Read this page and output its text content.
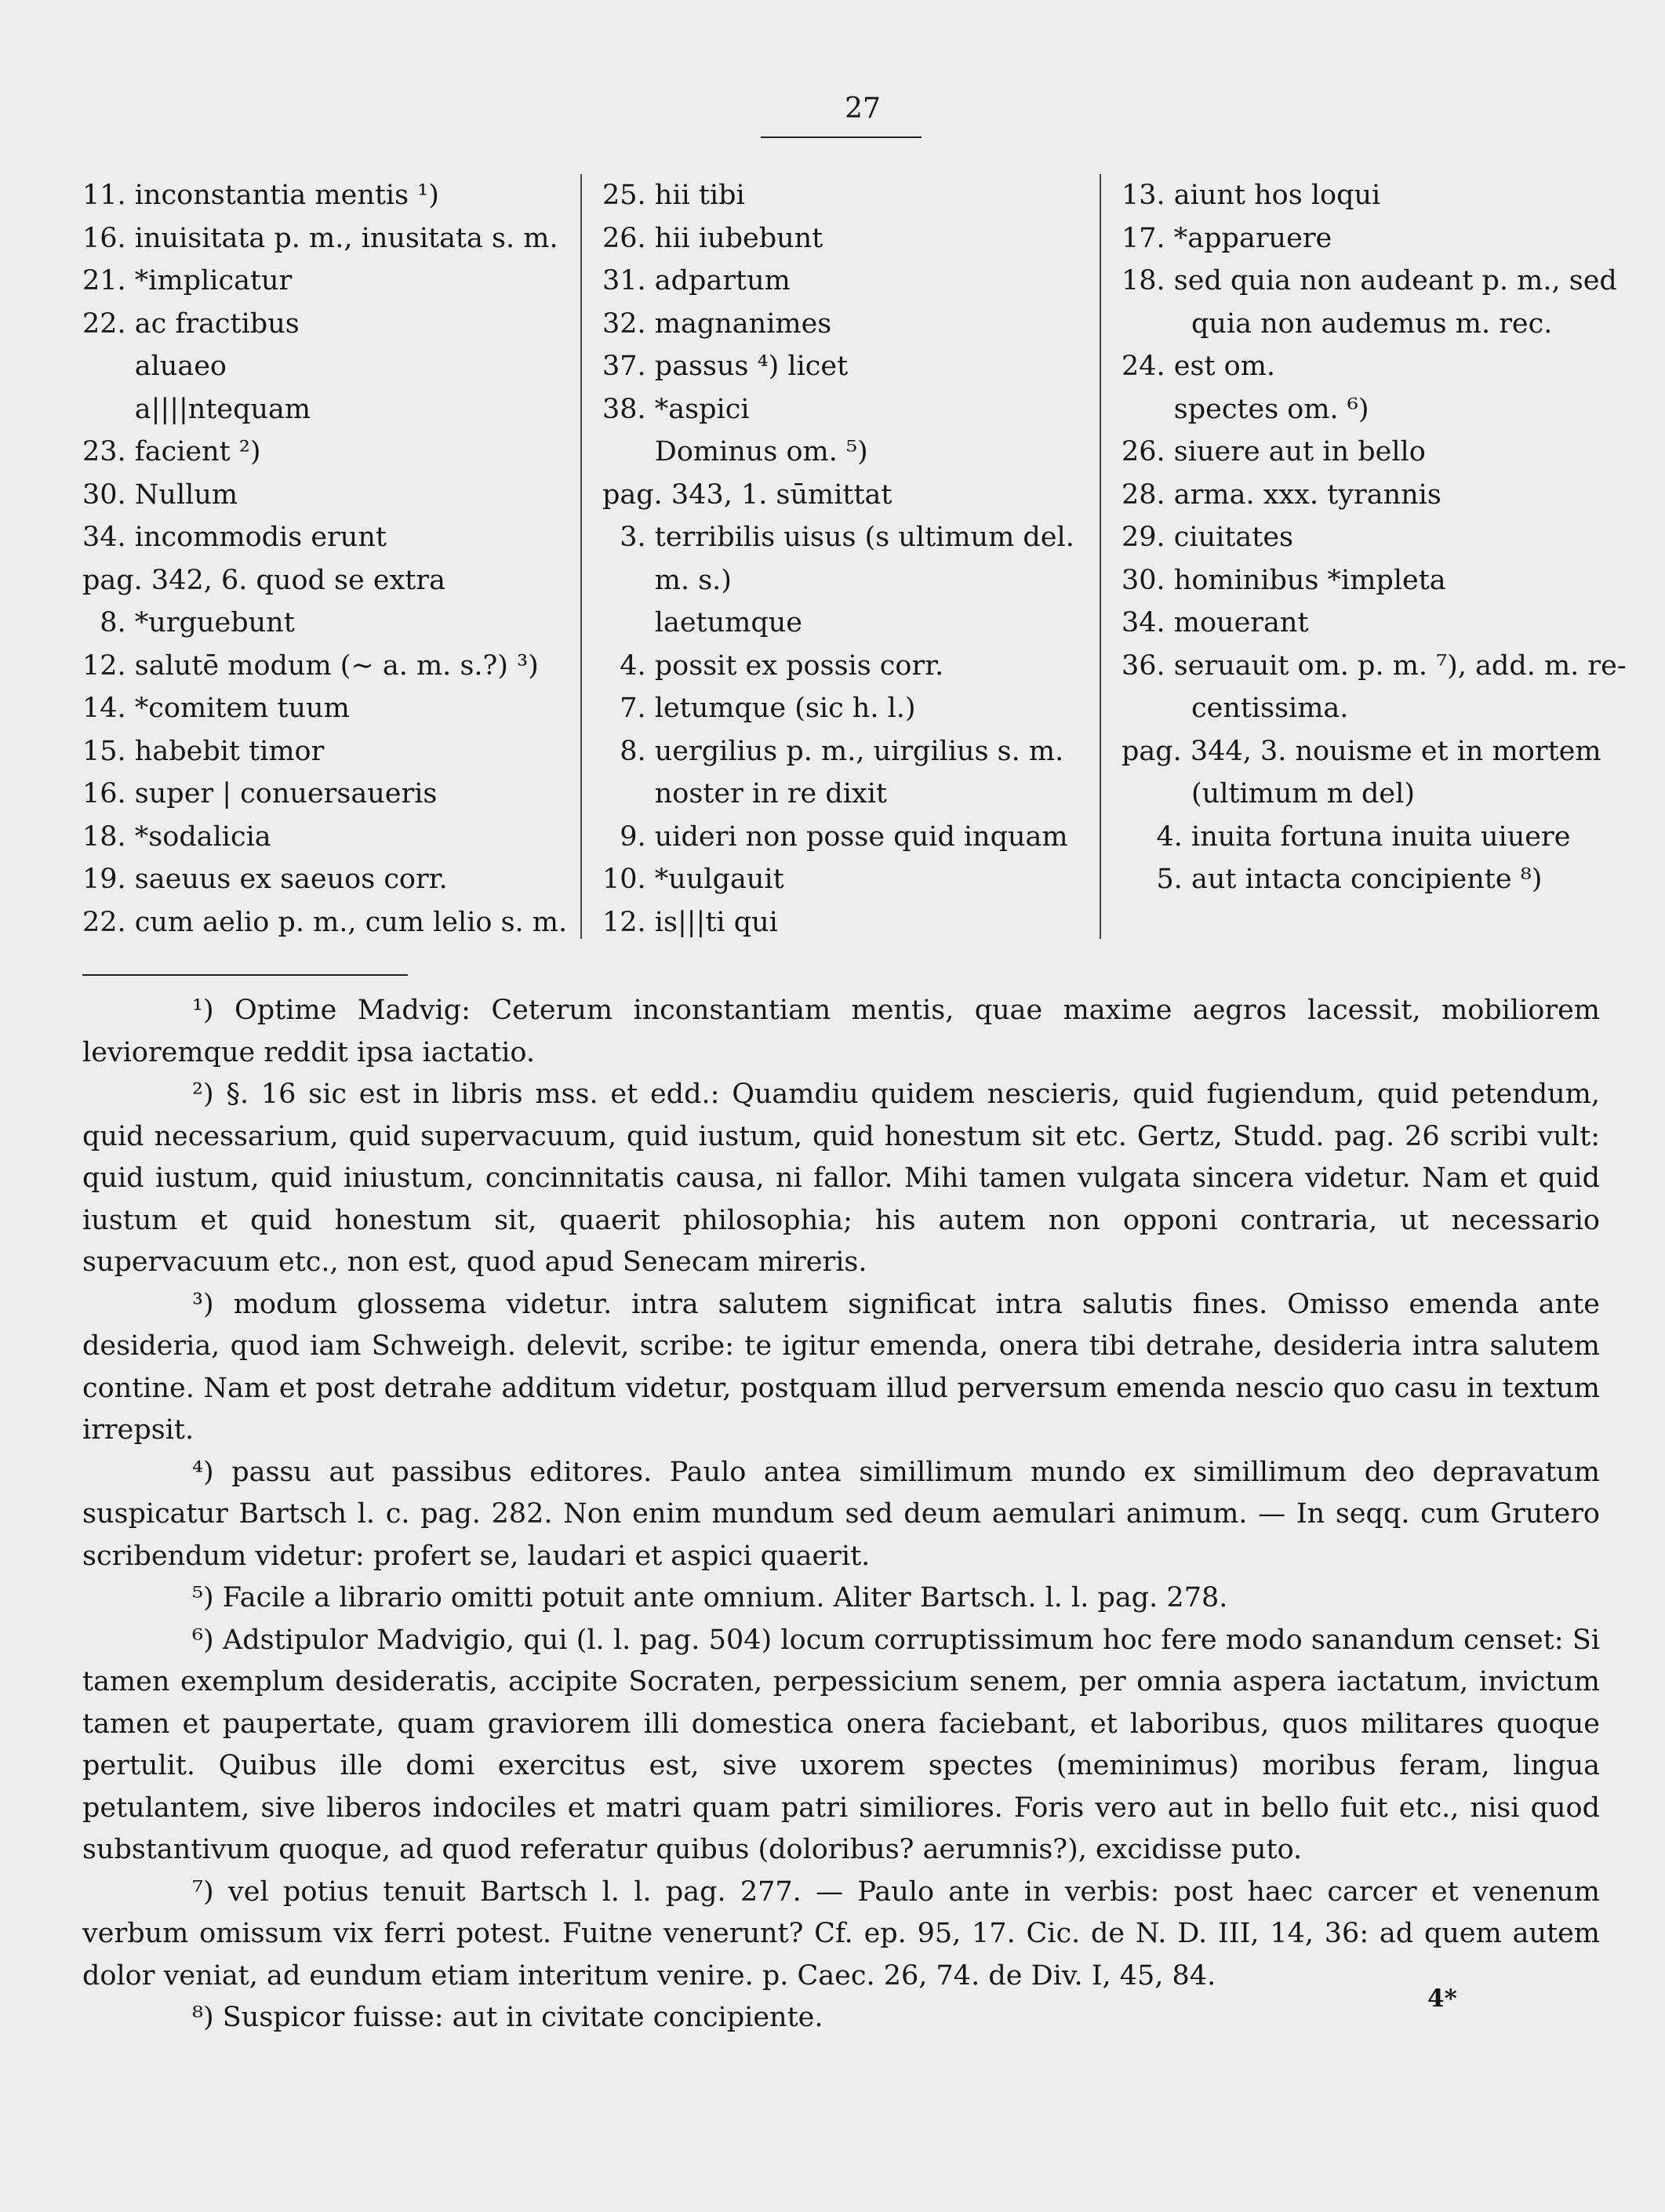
27
11. inconstantia mentis ¹)
16. inuisitata p. m., inusitata s. m.
21. *implicatur
22. ac fractibus
aluaeo
a||||ntequam
23. facient ²)
30. Nullum
34. incommodis erunt
pag. 342, 6. quod se extra
8. *urguebunt
12. salutē modum (∼ a. m. s.?) ³)
14. *comitem tuum
15. habebit timor
16. super | conuersaueris
18. *sodalicia
19. saeuus ex saeuos corr.
22. cum aelio p. m., cum lelio s. m.
25. hii tibi
26. hii iubebunt
31. adpartum
32. magnanimes
37. passus ⁴) licet
38. *aspici
Dominus om. ⁵)
pag. 343, 1. sūmittat
3. terribilis uisus (s ultimum del.
m. s.)
laetumque
4. possit ex possis corr.
7. letumque (sic h. l.)
8. uergilius p. m., uirgilius s. m.
noster in re dixit
9. uideri non posse quid inquam
10. *uulgauit
12. is|||ti qui
13. aiunt hos loqui
17. *apparuere
18. sed quia non audeant p. m., sed
quia non audemus m. rec.
24. est om.
spectes om. ⁶)
26. siuere aut in bello
28. arma. xxx. tyrannis
29. ciuitates
30. hominibus *impleta
34. mouerant
36. seruauit om. p. m. ⁷), add. m. re-
centissima.
pag. 344, 3. nouisme et in mortem
(ultimum m del)
4. inuita fortuna inuita uiuere
5. aut intacta concipiente ⁸)

¹) Optime Madvig: Ceterum inconstantiam mentis, quae maxime aegros lacessit, mobiliorem levioremque reddit ipsa iactatio.

²) §. 16 sic est in libris mss. et edd.: Quamdiu quidem nescieris, quid fugiendum, quid petendum, quid necessarium, quid supervacuum, quid iustum, quid honestum sit etc. Gertz, Studd. pag. 26 scribi vult: quid iustum, quid iniustum, concinnitatis causa, ni fallor. Mihi tamen vulgata sincera videtur. Nam et quid iustum et quid honestum sit, quaerit philosophia; his autem non opponi contraria, ut necessario supervacuum etc., non est, quod apud Senecam mireris.

³) modum glossema videtur. intra salutem significat intra salutis fines. Omisso emenda ante desideria, quod iam Schweigh. delevit, scribe: te igitur emenda, onera tibi detrahe, desideria intra salutem contine. Nam et post detrahe additum videtur, postquam illud perversum emenda nescio quo casu in textum irrepsit.

⁴) passu aut passibus editores. Paulo antea simillimum mundo ex simillimum deo depravatum suspicatur Bartsch l. c. pag. 282. Non enim mundum sed deum aemulari animum. — In seqq. cum Grutero scribendum videtur: profert se, laudari et aspici quaerit.

⁵) Facile a librario omitti potuit ante omnium. Aliter Bartsch. l. l. pag. 278.

⁶) Adstipulor Madvigio, qui (l. l. pag. 504) locum corruptissimum hoc fere modo sanandum censet: Si tamen exemplum desideratis, accipite Socraten, perpessicium senem, per omnia aspera iactatum, invictum tamen et paupertate, quam graviorem illi domestica onera faciebant, et laboribus, quos militares quoque pertulit. Quibus ille domi exercitus est, sive uxorem spectes (meminimus) moribus feram, lingua petulantem, sive liberos indociles et matri quam patri similiores. Foris vero aut in bello fuit etc., nisi quod substantivum quoque, ad quod referatur quibus (doloribus? aerumnis?), excidisse puto.

⁷) vel potius tenuit Bartsch l. l. pag. 277. — Paulo ante in verbis: post haec carcer et venenum verbum omissum vix ferri potest. Fuitne venerunt? Cf. ep. 95, 17. Cic. de N. D. III, 14, 36: ad quem autem dolor veniat, ad eundum etiam interitum venire. p. Caec. 26, 74. de Div. I, 45, 84.

⁸) Suspicor fuisse: aut in civitate concipiente.

4*
